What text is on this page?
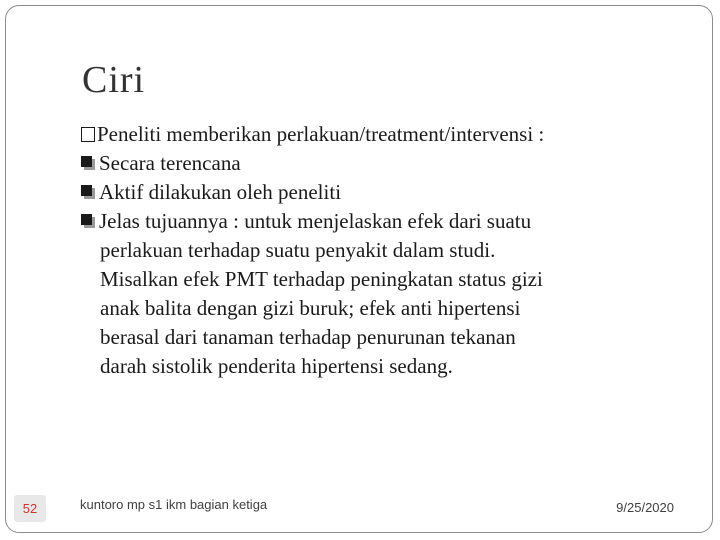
Ciri
Peneliti memberikan perlakuan/treatment/intervensi :
Secara terencana
Aktif dilakukan oleh peneliti
Jelas tujuannya : untuk menjelaskan efek dari suatu
perlakuan terhadap suatu penyakit dalam studi.
Misalkan efek PMT terhadap peningkatan status gizi
anak balita dengan gizi buruk; efek anti hipertensi
berasal dari tanaman terhadap penurunan tekanan
darah sistolik penderita hipertensi sedang.
52	kuntoro mp s1 ikm bagian ketiga	9/25/2020
